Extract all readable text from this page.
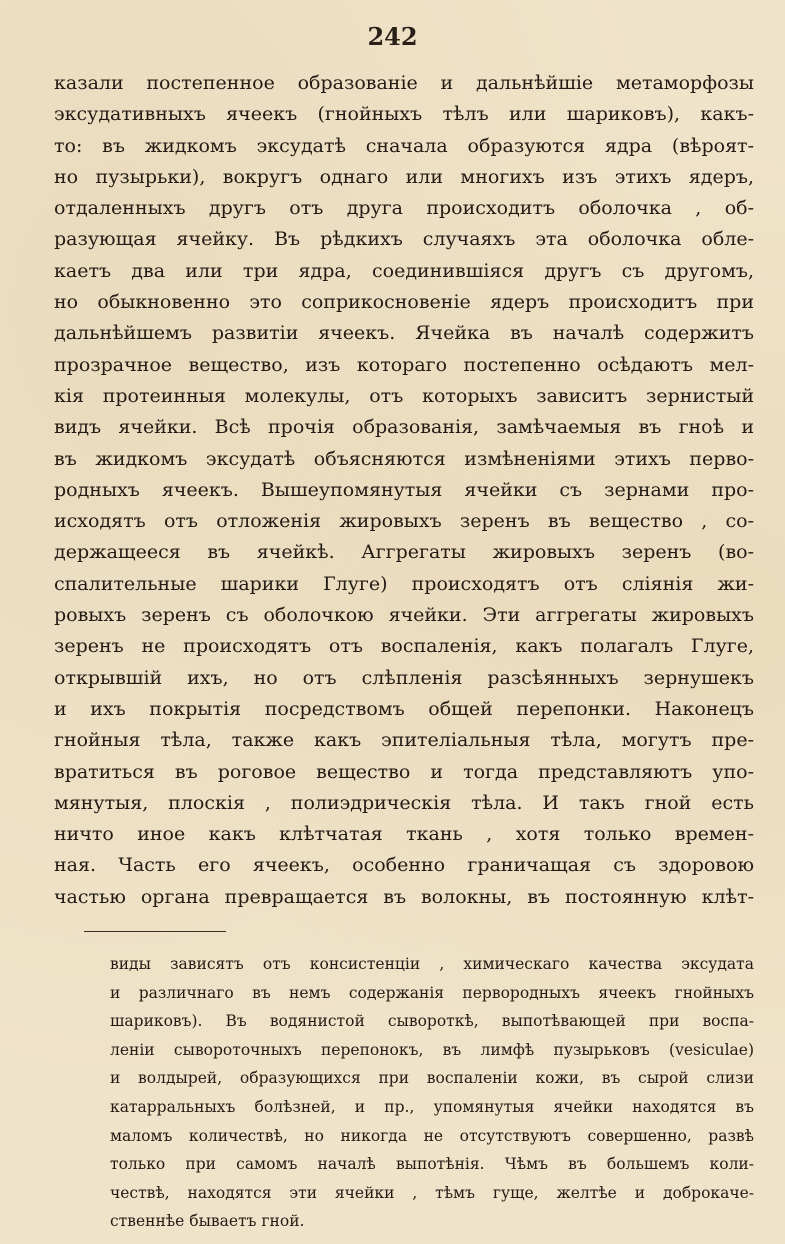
242
казали постепенное образованіе и дальнѣйшіе метаморфозы
эксудативныхъ ячеекъ (гнойныхъ тѣлъ или шариковъ), какъ-
то: въ жидкомъ эксудатѣ сначала образуются ядра (вѣроят-
но пузырьки), вокругъ однаго или многихъ изъ этихъ ядеръ,
отдаленныхъ другъ отъ друга происходитъ оболочка , об-
разующая ячейку. Въ рѣдкихъ случаяхъ эта оболочка обле-
каетъ два или три ядра, соединившіяся другъ съ другомъ,
но обыкновенно это соприкосновеніе ядеръ происходитъ при
дальнѣйшемъ развитіи ячеекъ. Ячейка въ началѣ содержитъ
прозрачное вещество, изъ котораго постепенно осѣдаютъ мел-
кія протеинныя молекулы, отъ которыхъ зависитъ зернистый
видъ ячейки. Всѣ прочія образованія, замѣчаемыя въ гноѣ и
въ жидкомъ эксудатѣ объясняются измѣненіями этихъ перво-
родныхъ ячеекъ. Вышеупомянутыя ячейки съ зернами про-
исходятъ отъ отложенія жировыхъ зеренъ въ вещество , со-
держащееся въ ячейкѣ. Аггрегаты жировыхъ зеренъ (во-
спалительные шарики Глуге) происходятъ отъ сліянія жи-
ровыхъ зеренъ съ оболочкою ячейки. Эти аггрегаты жировыхъ
зеренъ не происходятъ отъ воспаленія, какъ полагалъ Глуге,
открывшій ихъ, но отъ слѣпленія разсѣянныхъ зернушекъ
и ихъ покрытія посредствомъ общей перепонки. Наконецъ
гнойныя тѣла, также какъ эпителіальныя тѣла, могутъ пре-
вратиться въ роговое вещество и тогда представляютъ упо-
мянутыя, плоскія , полиэдрическія тѣла. И такъ гной есть
ничто иное какъ клѣтчатая ткань , хотя только времен-
ная. Часть его ячеекъ, особенно граничащая съ здоровою
частью органа превращается въ волокны, въ постоянную клѣт-
виды зависятъ отъ консистенціи , химическаго качества эксудата
и различнаго въ немъ содержанія первородныхъ ячеекъ гнойныхъ
шариковъ). Въ водянистой сывороткѣ, выпотѣвающей при воспа-
леніи сывороточныхъ перепонокъ, въ лимфѣ пузырьковъ (vesiculae)
и волдырей, образующихся при воспаленіи кожи, въ сырой слизи
катарральныхъ болѣзней, и пр., упомянутыя ячейки находятся въ
маломъ количествѣ, но никогда не отсутствуютъ совершенно, развѣ
только при самомъ началѣ выпотѣнія. Чѣмъ въ большемъ коли-
чествѣ, находятся эти ячейки , тѣмъ гуще, желтѣе и доброкаче-
ственнѣе бываетъ гной.
